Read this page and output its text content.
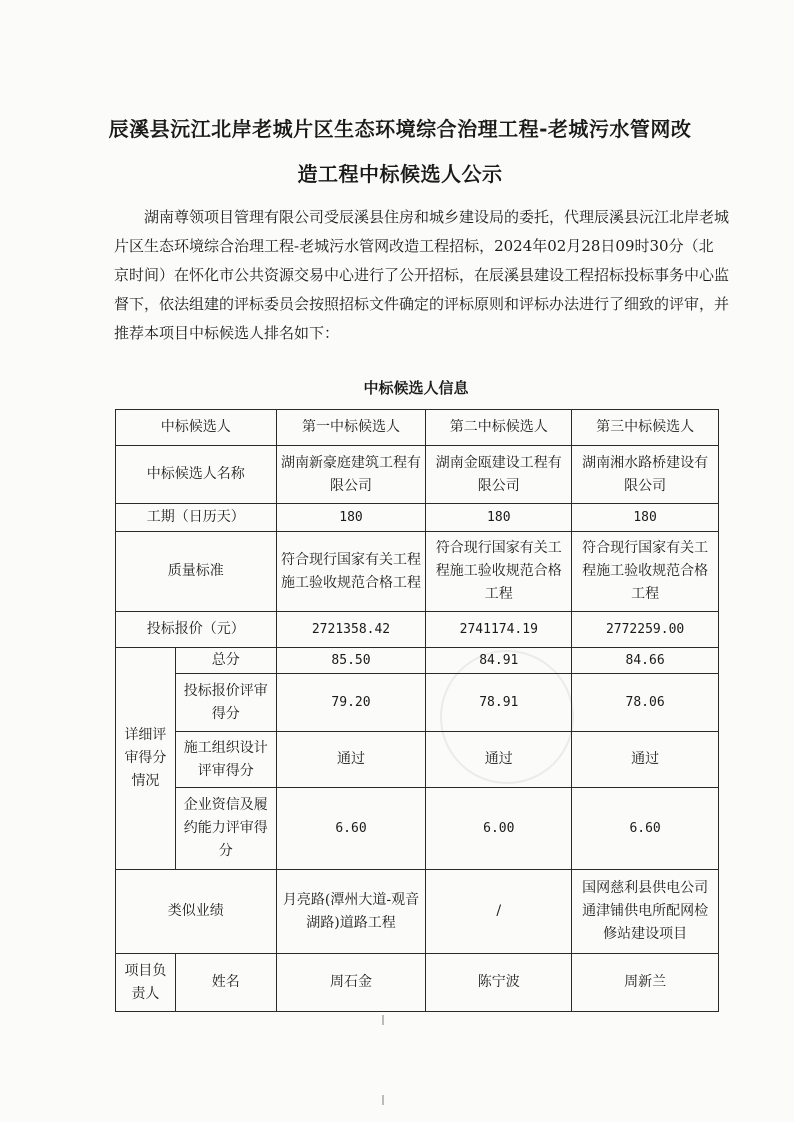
辰溪县沅江北岸老城片区生态环境综合治理工程-老城污水管网改
造工程中标候选人公示
湖南尊领项目管理有限公司受辰溪县住房和城乡建设局的委托，代理辰溪县沅江北岸老城
片区生态环境综合治理工程-老城污水管网改造工程招标，2024年02月28日09时30分（北
京时间）在怀化市公共资源交易中心进行了公开招标，在辰溪县建设工程招标投标事务中心监
督下，依法组建的评标委员会按照招标文件确定的评标原则和评标办法进行了细致的评审，并
推荐本项目中标候选人排名如下：
中标候选人信息
中标候选人		第一中标候选人	第二中标候选人	第三中标候选人
中标候选人名称		湖南新豪庭建筑工程有限公司	湖南金瓯建设工程有限公司	湖南湘水路桥建设有限公司
工期（日历天）		180	180	180
质量标准		符合现行国家有关工程施工验收规范合格工程	符合现行国家有关工程施工验收规范合格工程	符合现行国家有关工程施工验收规范合格工程
投标报价（元）		2721358.42	2741174.19	2772259.00
详细评审得分情况	总分	85.50	84.91	84.66
	投标报价评审得分	79.20	78.91	78.06
	施工组织设计评审得分	通过	通过	通过
	企业资信及履约能力评审得分	6.60	6.00	6.60
类似业绩		月亮路(潭州大道-观音湖路)道路工程	/	国网慈利县供电公司通津铺供电所配网检修站建设项目
项目负责人	姓名	周石金	陈宁波	周新兰
